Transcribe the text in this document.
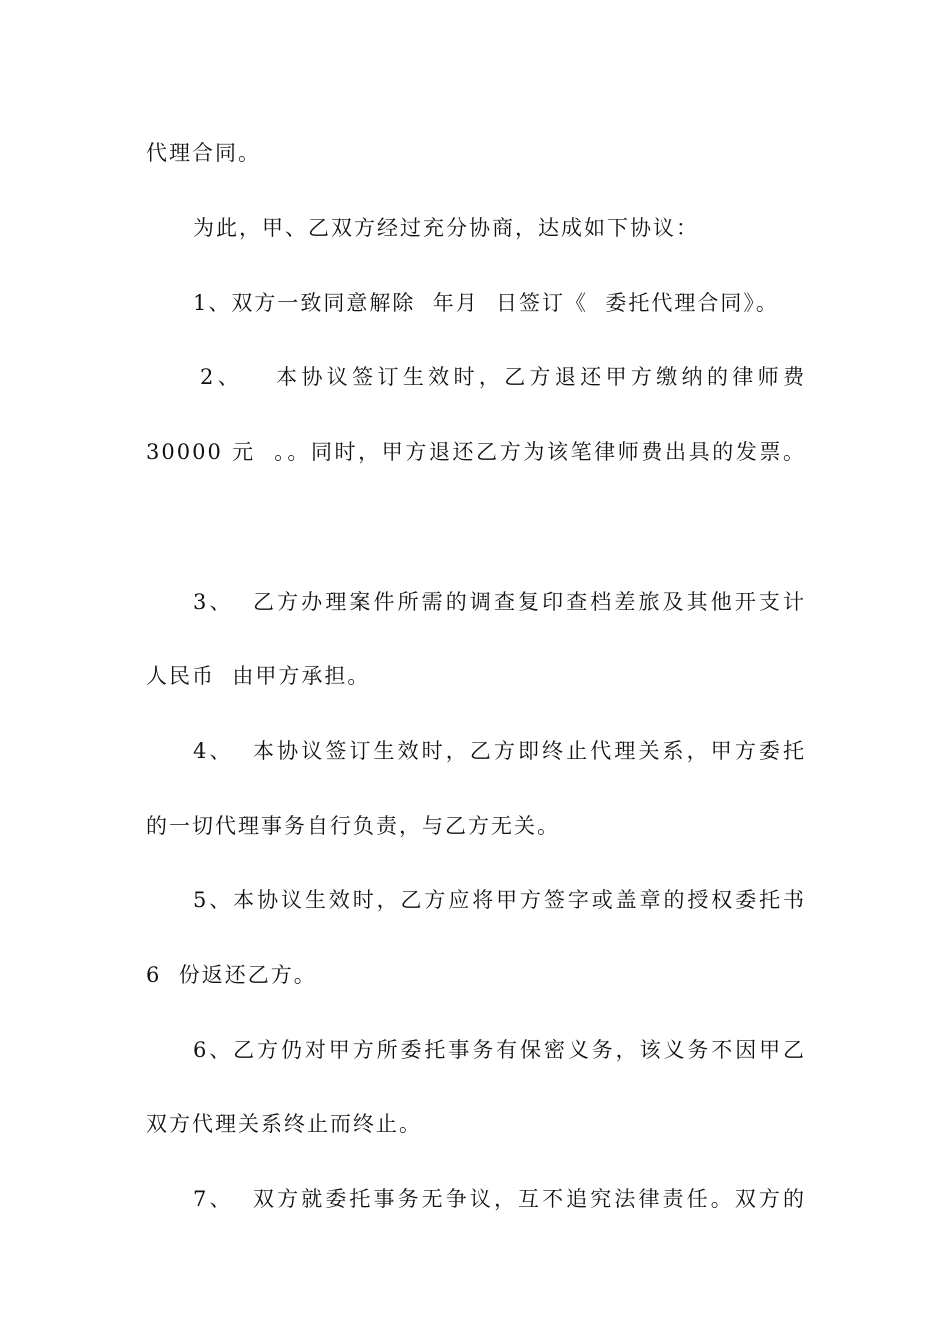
代理合同。
为此，甲、乙双方经过充分协商，达成如下协议：
1、双方一致同意解除  年月  日签订《  委托代理合同》。
2、   本协议签订生效时，乙方退还甲方缴纳的律师费
30000 元  。。同时，甲方退还乙方为该笔律师费出具的发票。
3、  乙方办理案件所需的调查复印查档差旅及其他开支计
人民币  由甲方承担。
4、  本协议签订生效时，乙方即终止代理关系，甲方委托
的一切代理事务自行负责，与乙方无关。
5、本协议生效时，乙方应将甲方签字或盖章的授权委托书
6  份返还乙方。
6、乙方仍对甲方所委托事务有保密义务，该义务不因甲乙
双方代理关系终止而终止。
7、  双方就委托事务无争议，互不追究法律责任。双方的
